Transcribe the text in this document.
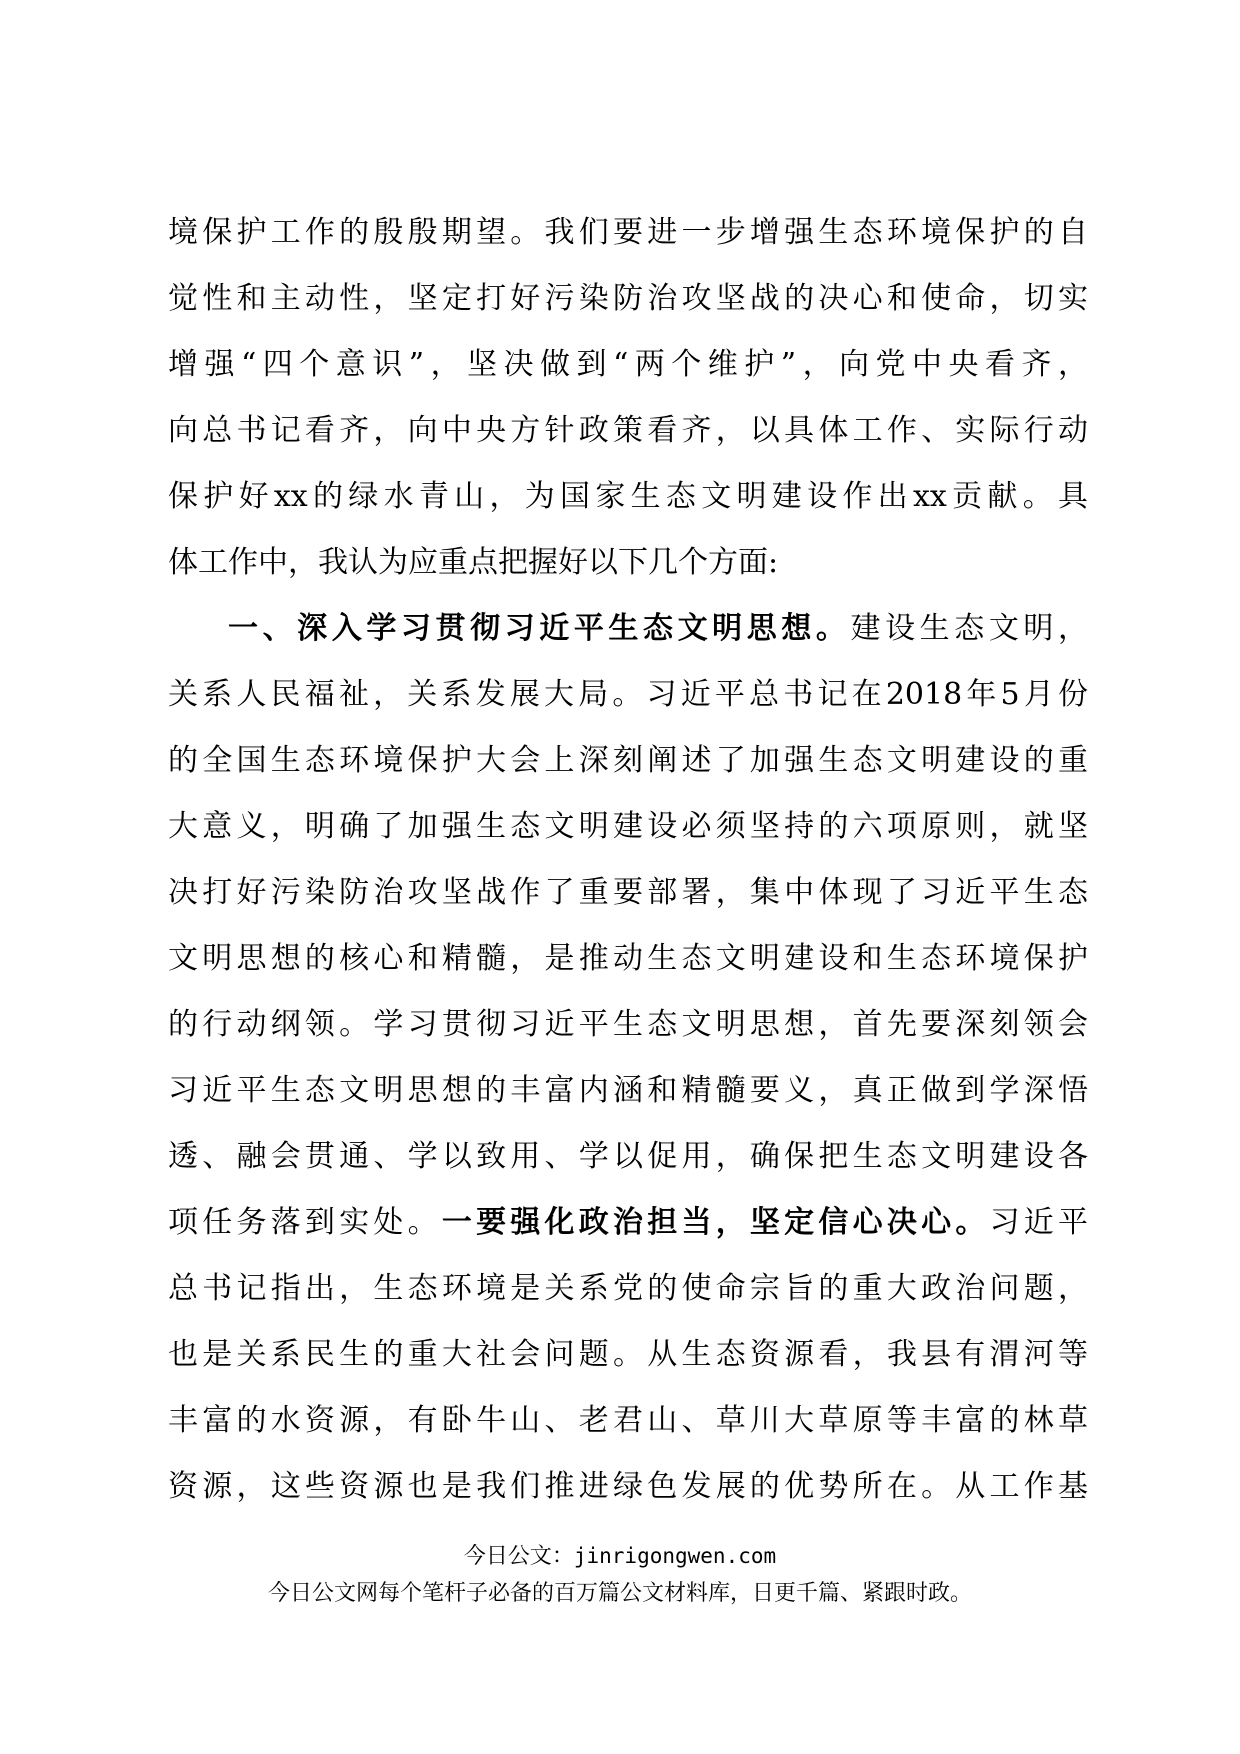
境保护工作的殷殷期望。我们要进一步增强生态环境保护的自
觉性和主动性，坚定打好污染防治攻坚战的决心和使命，切实
增强“四个意识”，坚决做到“两个维护”，向党中央看齐，
向总书记看齐，向中央方针政策看齐，以具体工作、实际行动
保护好xx的绿水青山，为国家生态文明建设作出xx贡献。具
体工作中，我认为应重点把握好以下几个方面:
一、深入学习贯彻习近平生态文明思想。建设生态文明，
关系人民福祉，关系发展大局。习近平总书记在2018年5月份
的全国生态环境保护大会上深刻阐述了加强生态文明建设的重
大意义，明确了加强生态文明建设必须坚持的六项原则，就坚
决打好污染防治攻坚战作了重要部署，集中体现了习近平生态
文明思想的核心和精髓，是推动生态文明建设和生态环境保护
的行动纲领。学习贯彻习近平生态文明思想，首先要深刻领会
习近平生态文明思想的丰富内涵和精髓要义，真正做到学深悟
透、融会贯通、学以致用、学以促用，确保把生态文明建设各
项任务落到实处。一要强化政治担当，坚定信心决心。习近平
总书记指出，生态环境是关系党的使命宗旨的重大政治问题，
也是关系民生的重大社会问题。从生态资源看，我县有渭河等
丰富的水资源，有卧牛山、老君山、草川大草原等丰富的林草
资源，这些资源也是我们推进绿色发展的优势所在。从工作基
今日公文：jinrigongwen.com
今日公文网每个笔杆子必备的百万篇公文材料库，日更千篇、紧跟时政。
